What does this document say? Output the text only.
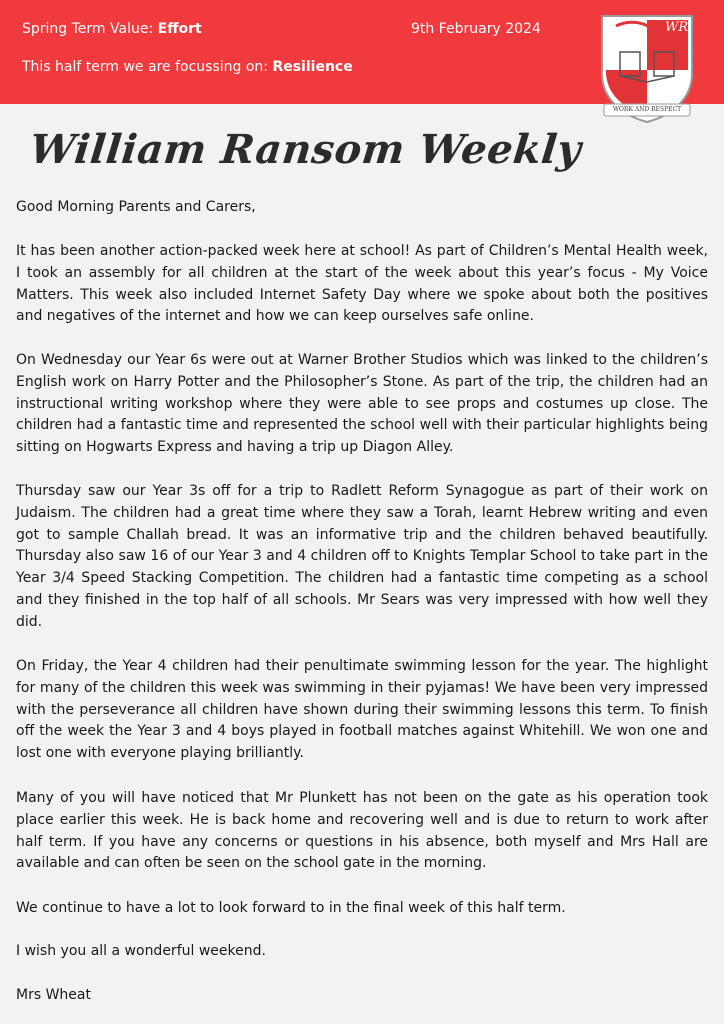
Spring Term Value: Effort	9th February 2024
This half term we are focussing on: Resilience
WR
WORK AND RESPECT
William Ransom Weekly
Good Morning Parents and Carers,
It has been another action-packed week here at school! As part of Children’s Mental Health week, I took an assembly for all children at the start of the week about this year’s focus - My Voice Matters. This week also included Internet Safety Day where we spoke about both the positives and negatives of the internet and how we can keep ourselves safe online.
On Wednesday our Year 6s were out at Warner Brother Studios which was linked to the children’s English work on Harry Potter and the Philosopher’s Stone. As part of the trip, the children had an instructional writing workshop where they were able to see props and costumes up close. The children had a fantastic time and represented the school well with their particular highlights being sitting on Hogwarts Express and having a trip up Diagon Alley.
Thursday saw our Year 3s off for a trip to Radlett Reform Synagogue as part of their work on Judaism. The children had a great time where they saw a Torah, learnt Hebrew writing and even got to sample Challah bread. It was an informative trip and the children behaved beautifully. Thursday also saw 16 of our Year 3 and 4 children off to Knights Templar School to take part in the Year 3/4 Speed Stacking Competition. The children had a fantastic time competing as a school and they finished in the top half of all schools. Mr Sears was very impressed with how well they did.
On Friday, the Year 4 children had their penultimate swimming lesson for the year. The highlight for many of the children this week was swimming in their pyjamas! We have been very impressed with the perseverance all children have shown during their swimming lessons this term. To finish off the week the Year 3 and 4 boys played in football matches against Whitehill. We won one and lost one with everyone playing brilliantly.
Many of you will have noticed that Mr Plunkett has not been on the gate as his operation took place earlier this week. He is back home and recovering well and is due to return to work after half term. If you have any concerns or questions in his absence, both myself and Mrs Hall are available and can often be seen on the school gate in the morning.
We continue to have a lot to look forward to in the final week of this half term.
I wish you all a wonderful weekend.
Mrs Wheat
